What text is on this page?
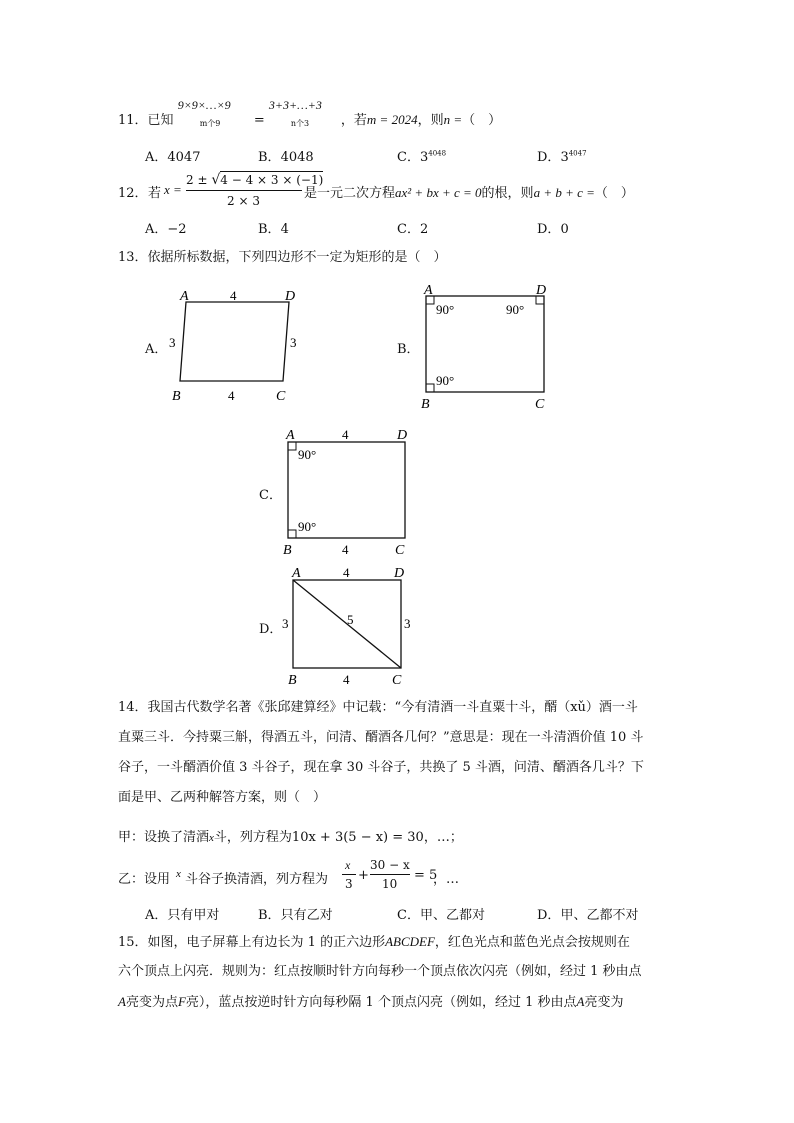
11．已知
9×9×…×9
m个9	=
3+3+…+3
n个3 ，若m = 2024，则n =（　）
A．4047	B．4048	C．$3^{4048}$	D．$3^{4047}$
12． 若 x =
2 ± √4 − 4 × 3 × (−1)
2 × 3	是一元二次方程ax² + bx + c = 0的根，则a + b + c =（　）
A．−2	B．4	C．2	D．0
13．依据所标数据，下列四边形不一定为矩形的是（　）
A．
A	D
B	C
4
4
3	3	B．
A	D
B	C
90°	90°
90°
C．
A	D
B	C
4
4
90°
90°
D．
A	D
B	C
4
4
3	3
5
14．我国古代数学名著《张邱建算经》中记载：“今有清酒一斗直粟十斗，醑（xǔ）酒一斗
直粟三斗．今持粟三斛，得酒五斗，问清、醑酒各几何？”意思是：现在一斗清酒价值 10 斗
谷子，一斗醑酒价值 3 斗谷子，现在拿 30 斗谷子，共换了 5 斗酒，问清、醑酒各几斗？下
面是甲、乙两种解答方案，则（　）
甲：设换了清酒x斗，列方程为10x + 3(5 − x) = 30，…；
乙：设用 x 斗谷子换清酒，列方程为
x
3
+
30 − x
10
= 5
，…
A．只有甲对	B．只有乙对	C．甲、乙都对	D．甲、乙都不对
15．如图，电子屏幕上有边长为 1 的正六边形ABCDEF，红色光点和蓝色光点会按规则在
六个顶点上闪亮．规则为：红点按顺时针方向每秒一个顶点依次闪亮（例如，经过 1 秒由点
A亮变为点F亮），蓝点按逆时针方向每秒隔 1 个顶点闪亮（例如，经过 1 秒由点A亮变为
